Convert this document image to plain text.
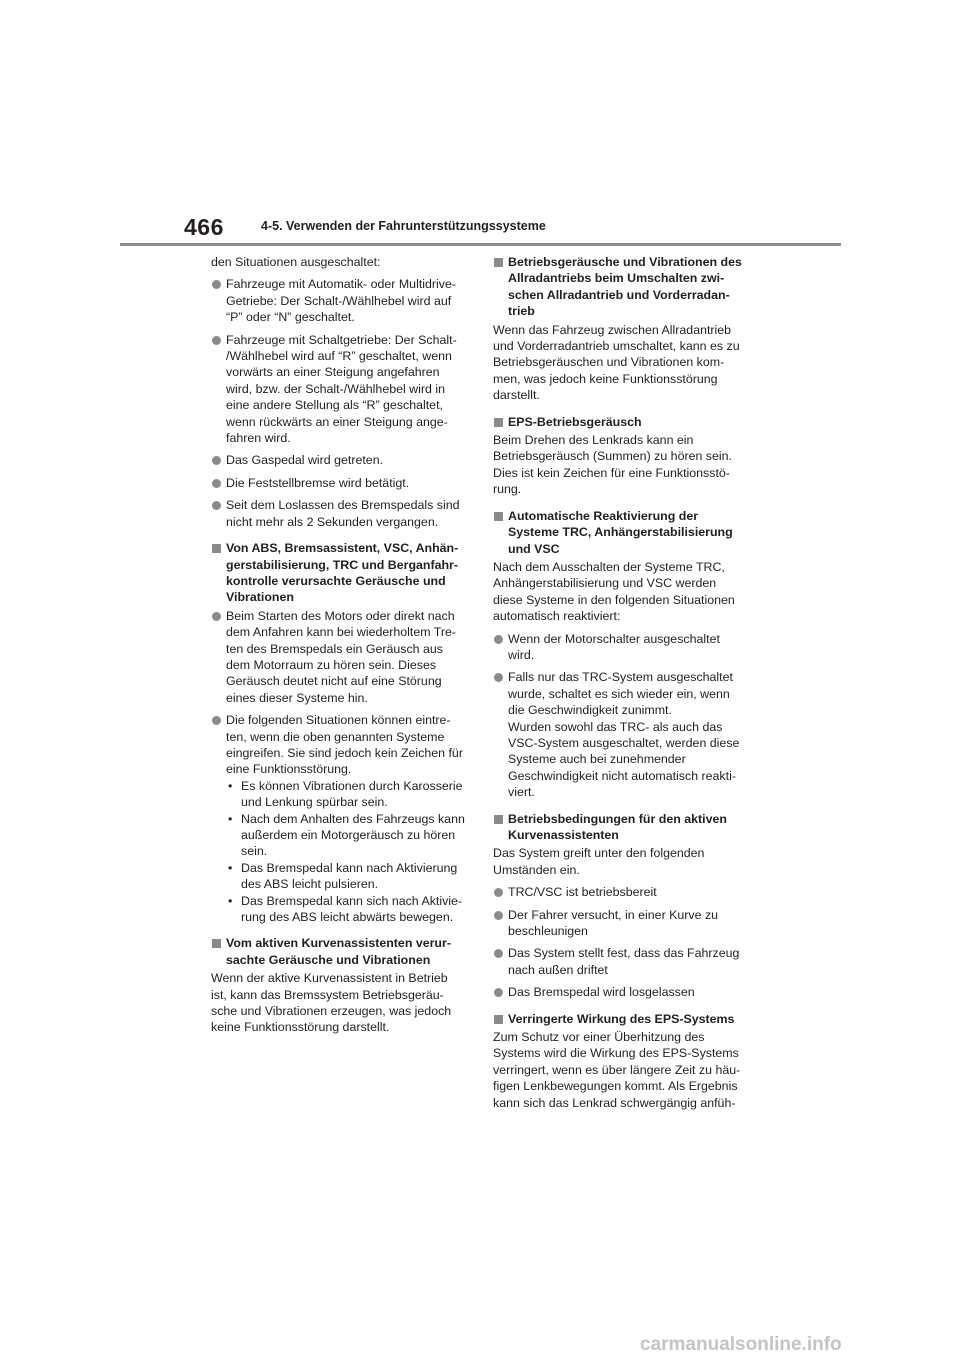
466	4-5. Verwenden der Fahrunterstützungssysteme

den Situationen ausgeschaltet:

Fahrzeuge mit Automatik- oder Multidrive-
Getriebe: Der Schalt-/Wählhebel wird auf
“P” oder “N” geschaltet.
Fahrzeuge mit Schaltgetriebe: Der Schalt-
/Wählhebel wird auf “R” geschaltet, wenn
vorwärts an einer Steigung angefahren
wird, bzw. der Schalt-/Wählhebel wird in
eine andere Stellung als “R” geschaltet,
wenn rückwärts an einer Steigung ange-
fahren wird.
Das Gaspedal wird getreten.
Die Feststellbremse wird betätigt.
Seit dem Loslassen des Bremspedals sind
nicht mehr als 2 Sekunden vergangen.
Von ABS, Bremsassistent, VSC, Anhän-
gerstabilisierung, TRC und Berganfahr-
kontrolle verursachte Geräusche und
Vibrationen
Beim Starten des Motors oder direkt nach
dem Anfahren kann bei wiederholtem Tre-
ten des Bremspedals ein Geräusch aus
dem Motorraum zu hören sein. Dieses
Geräusch deutet nicht auf eine Störung
eines dieser Systeme hin.
Die folgenden Situationen können eintre-
ten, wenn die oben genannten Systeme
eingreifen. Sie sind jedoch kein Zeichen für
eine Funktionsstörung.
• Es können Vibrationen durch Karosserie
und Lenkung spürbar sein.
• Nach dem Anhalten des Fahrzeugs kann
außerdem ein Motorgeräusch zu hören
sein.
• Das Bremspedal kann nach Aktivierung
des ABS leicht pulsieren.
• Das Bremspedal kann sich nach Aktivie-
rung des ABS leicht abwärts bewegen.
Vom aktiven Kurvenassistenten verur-
sachte Geräusche und Vibrationen

Wenn der aktive Kurvenassistent in Betrieb
ist, kann das Bremssystem Betriebsgeräu-
sche und Vibrationen erzeugen, was jedoch
keine Funktionsstörung darstellt.

Betriebsgeräusche und Vibrationen des
Allradantriebs beim Umschalten zwi-
schen Allradantrieb und Vorderradan-
trieb

Wenn das Fahrzeug zwischen Allradantrieb
und Vorderradantrieb umschaltet, kann es zu
Betriebsgeräuschen und Vibrationen kom-
men, was jedoch keine Funktionsstörung
darstellt.

EPS-Betriebsgeräusch

Beim Drehen des Lenkrads kann ein
Betriebsgeräusch (Summen) zu hören sein.
Dies ist kein Zeichen für eine Funktionsstö-
rung.

Automatische Reaktivierung der
Systeme TRC, Anhängerstabilisierung
und VSC

Nach dem Ausschalten der Systeme TRC,
Anhängerstabilisierung und VSC werden
diese Systeme in den folgenden Situationen
automatisch reaktiviert:

Wenn der Motorschalter ausgeschaltet
wird.
Falls nur das TRC-System ausgeschaltet
wurde, schaltet es sich wieder ein, wenn
die Geschwindigkeit zunimmt.
Wurden sowohl das TRC- als auch das
VSC-System ausgeschaltet, werden diese
Systeme auch bei zunehmender
Geschwindigkeit nicht automatisch reakti-
viert.
Betriebsbedingungen für den aktiven
Kurvenassistenten

Das System greift unter den folgenden
Umständen ein.

TRC/VSC ist betriebsbereit
Der Fahrer versucht, in einer Kurve zu
beschleunigen
Das System stellt fest, dass das Fahrzeug
nach außen driftet
Das Bremspedal wird losgelassen
Verringerte Wirkung des EPS-Systems

Zum Schutz vor einer Überhitzung des
Systems wird die Wirkung des EPS-Systems
verringert, wenn es über längere Zeit zu häu-
figen Lenkbewegungen kommt. Als Ergebnis
kann sich das Lenkrad schwergängig anfüh-

carmanualsonline.info
